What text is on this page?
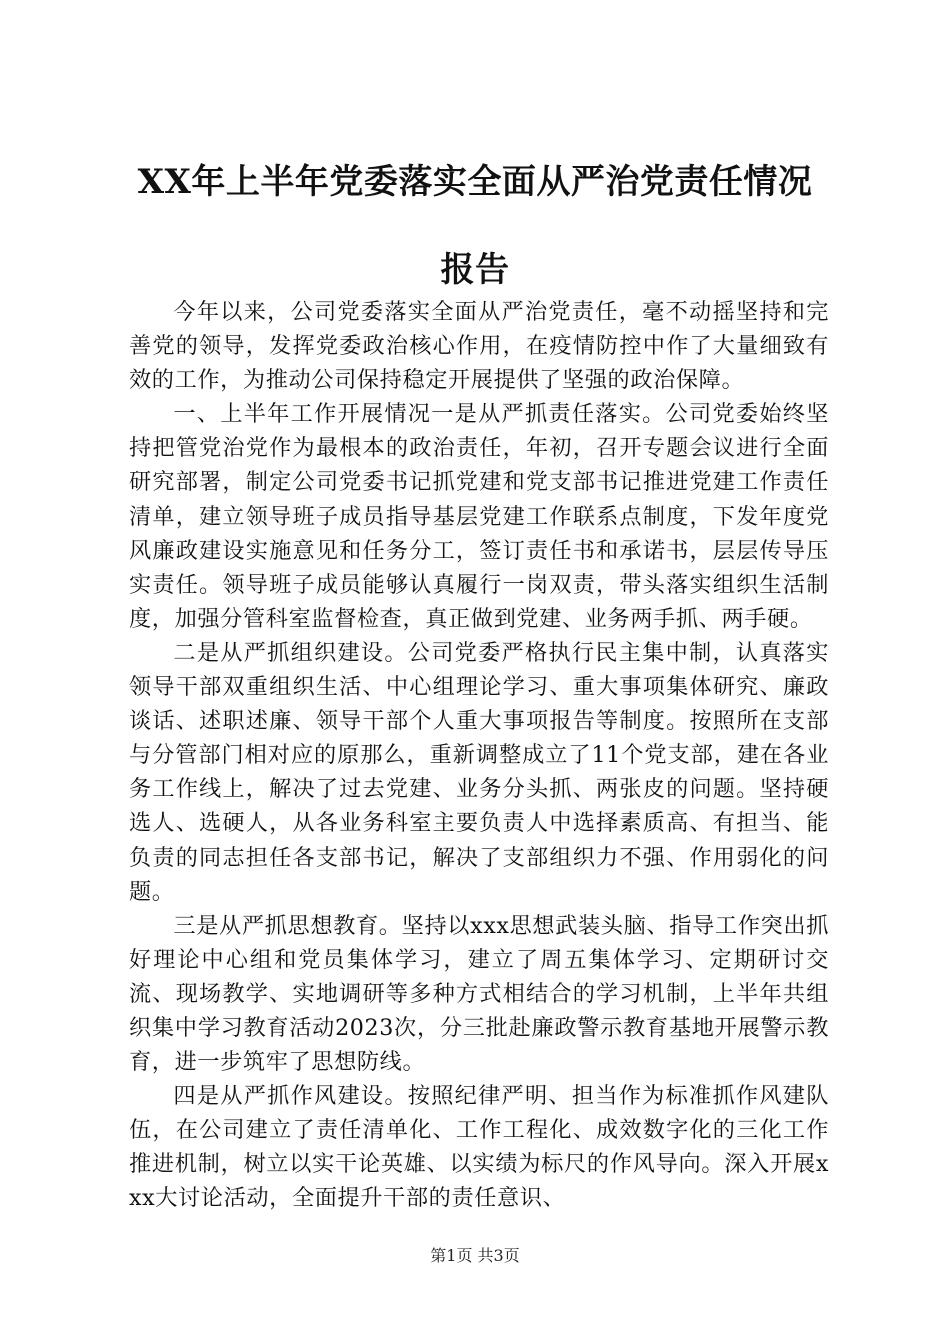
XX年上半年党委落实全面从严治党责任情况
报告

今年以来，公司党委落实全面从严治党责任，毫不动摇坚持和完善党的领导，发挥党委政治核心作用，在疫情防控中作了大量细致有效的工作，为推动公司保持稳定开展提供了坚强的政治保障。

一、上半年工作开展情况一是从严抓责任落实。公司党委始终坚持把管党治党作为最根本的政治责任，年初，召开专题会议进行全面研究部署，制定公司党委书记抓党建和党支部书记推进党建工作责任清单，建立领导班子成员指导基层党建工作联系点制度，下发年度党风廉政建设实施意见和任务分工，签订责任书和承诺书，层层传导压实责任。领导班子成员能够认真履行一岗双责，带头落实组织生活制度，加强分管科室监督检查，真正做到党建、业务两手抓、两手硬。

二是从严抓组织建设。公司党委严格执行民主集中制，认真落实领导干部双重组织生活、中心组理论学习、重大事项集体研究、廉政谈话、述职述廉、领导干部个人重大事项报告等制度。按照所在支部与分管部门相对应的原那么，重新调整成立了11个党支部，建在各业务工作线上，解决了过去党建、业务分头抓、两张皮的问题。坚持硬选人、选硬人，从各业务科室主要负责人中选择素质高、有担当、能负责的同志担任各支部书记，解决了支部组织力不强、作用弱化的问题。

三是从严抓思想教育。坚持以xxx思想武装头脑、指导工作突出抓好理论中心组和党员集体学习，建立了周五集体学习、定期研讨交流、现场教学、实地调研等多种方式相结合的学习机制，上半年共组织集中学习教育活动2023次，分三批赴廉政警示教育基地开展警示教育，进一步筑牢了思想防线。

四是从严抓作风建设。按照纪律严明、担当作为标准抓作风建队伍，在公司建立了责任清单化、工作工程化、成效数字化的三化工作推进机制，树立以实干论英雄、以实绩为标尺的作风导向。深入开展xxx大讨论活动，全面提升干部的责任意识、

第1页 共3页
